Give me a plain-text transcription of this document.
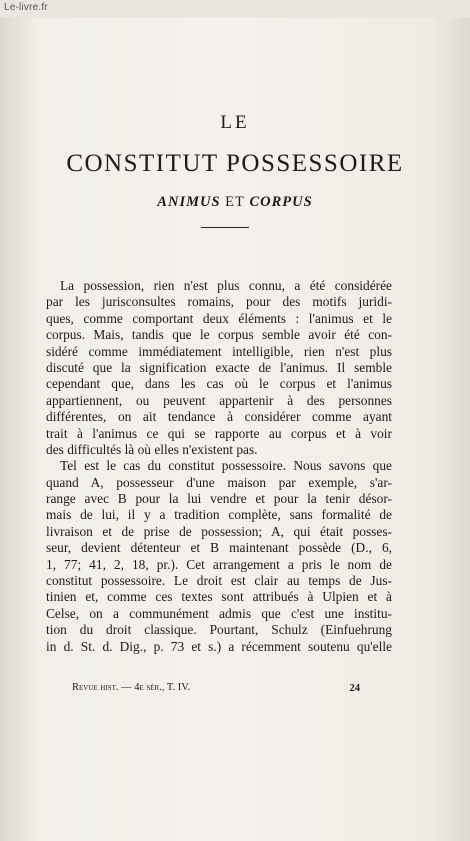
Le-livre.fr
LE
CONSTITUT POSSESSOIRE
ANIMUS ET CORPUS
La possession, rien n'est plus connu, a été considérée
par les jurisconsultes romains, pour des motifs juridi-
ques, comme comportant deux éléments : l'animus et le
corpus. Mais, tandis que le corpus semble avoir été con-
sidéré comme immédiatement intelligible, rien n'est plus
discuté que la signification exacte de l'animus. Il semble
cependant que, dans les cas où le corpus et l'animus
appartiennent, ou peuvent appartenir à des personnes
différentes, on ait tendance à considérer comme ayant
trait à l'animus ce qui se rapporte au corpus et à voir
des difficultés là où elles n'existent pas.
Tel est le cas du constitut possessoire. Nous savons que
quand A, possesseur d'une maison par exemple, s'ar-
range avec B pour la lui vendre et pour la tenir désor-
mais de lui, il y a tradition complète, sans formalité de
livraison et de prise de possession; A, qui était posses-
seur, devient détenteur et B maintenant possède (D., 6,
1, 77; 41, 2, 18, pr.). Cet arrangement a pris le nom de
constitut possessoire. Le droit est clair au temps de Jus-
tinien et, comme ces textes sont attribués à Ulpien et à
Celse, on a communément admis que c'est une institu-
tion du droit classique. Pourtant, Schulz (Einfuehrung
in d. St. d. Dig., p. 73 et s.) a récemment soutenu qu'elle
Revue hist. — 4e sér., T. IV.	24
